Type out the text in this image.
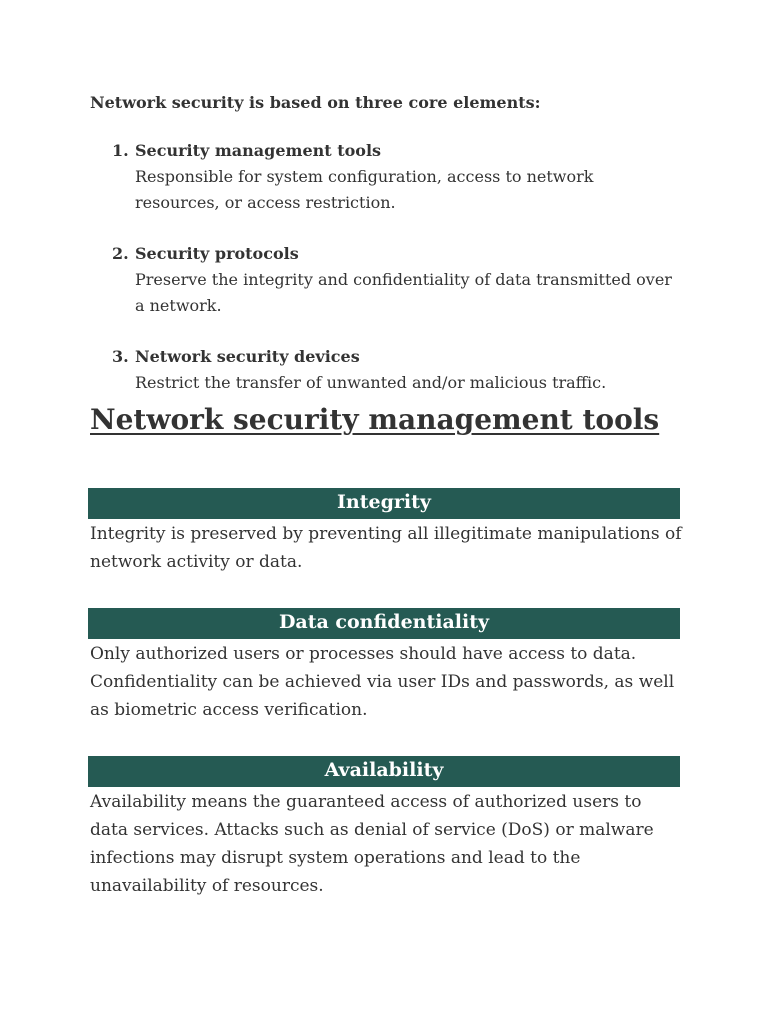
Network security is based on three core elements:

1. Security management tools
Responsible for system configuration, access to network resources, or access restriction.
2. Security protocols
Preserve the integrity and confidentiality of data transmitted over a network.
3. Network security devices
Restrict the transfer of unwanted and/or malicious traffic.
Network security management tools
Integrity

Integrity is preserved by preventing all illegitimate manipulations of network activity or data.

Data confidentiality

Only authorized users or processes should have access to data. Confidentiality can be achieved via user IDs and passwords, as well as biometric access verification.

Availability

Availability means the guaranteed access of authorized users to data services. Attacks such as denial of service (DoS) or malware infections may disrupt system operations and lead to the unavailability of resources.
